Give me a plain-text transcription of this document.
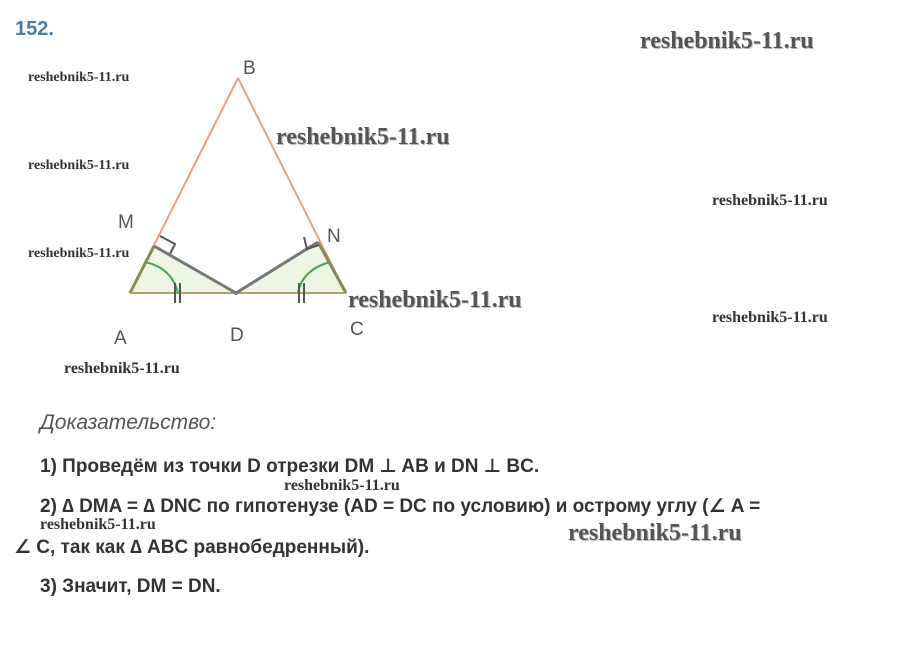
152.
B
M
N
A	D	C
reshebnik5-11.ru
reshebnik5-11.ru
reshebnik5-11.ru
reshebnik5-11.ru
reshebnik5-11.ru
reshebnik5-11.ru
reshebnik5-11.ru
reshebnik5-11.ru
reshebnik5-11.ru
Доказательство:
1) Проведём из точки D отрезки DM ⊥ AB и DN ⊥ BC.
2) ∆ DMA = ∆ DNC по гипотенузе (AD = DC по условию) и острому углу (∠ A =
∠ C, так как ∆ ABC равнобедренный).
3) Значит, DM = DN.
reshebnik5-11.ru
reshebnik5-11.ru	reshebnik5-11.ru
